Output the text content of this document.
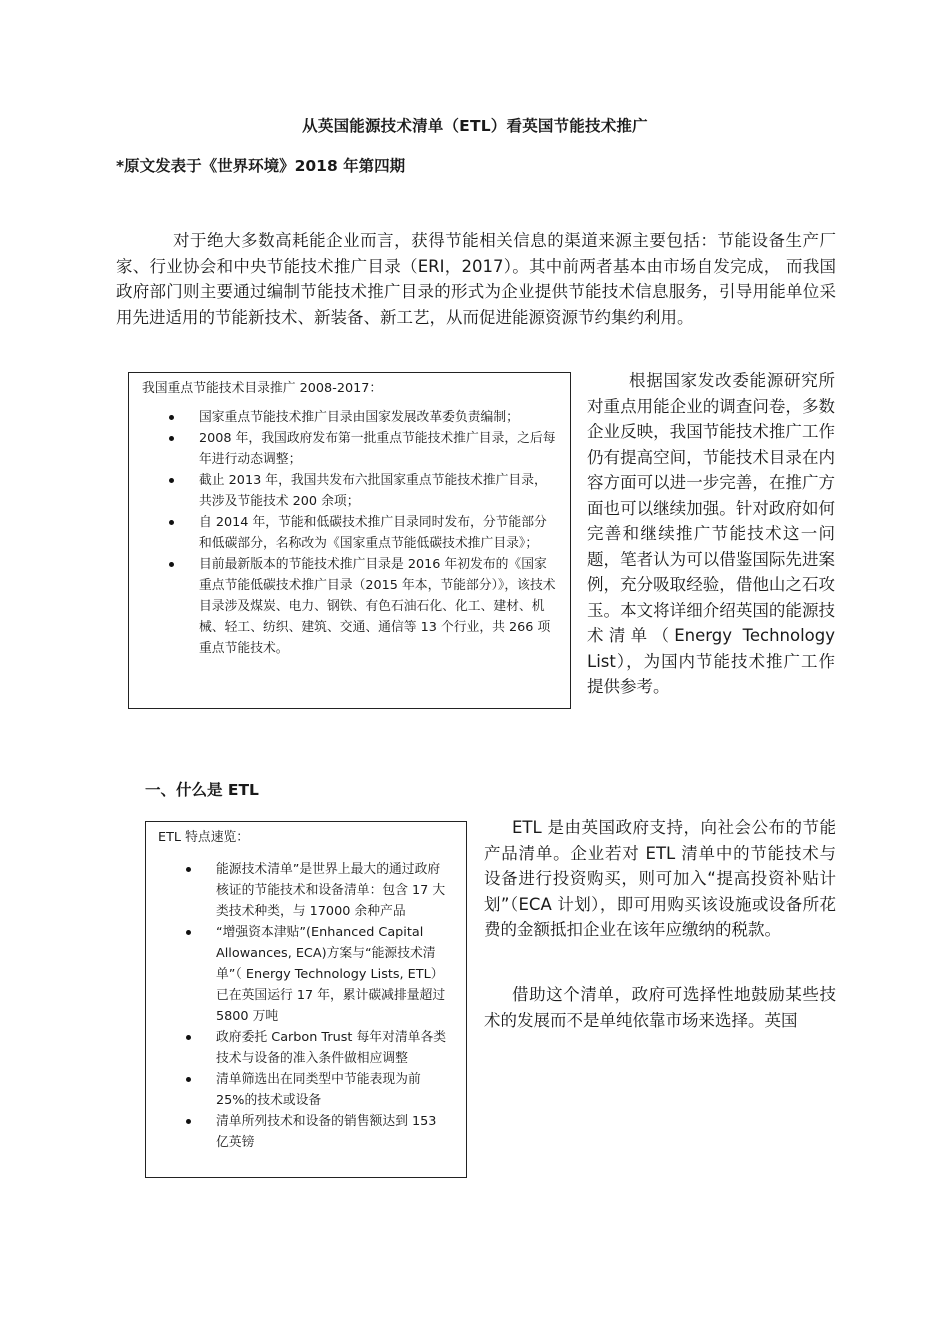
从英国能源技术清单（ETL）看英国节能技术推广
*原文发表于《世界环境》2018 年第四期

对于绝大多数高耗能企业而言，获得节能相关信息的渠道来源主要包括：节能设备生产厂家、行业协会和中央节能技术推广目录（ERI，2017）。其中前两者基本由市场自发完成， 而我国政府部门则主要通过编制节能技术推广目录的形式为企业提供节能技术信息服务，引导用能单位采用先进适用的节能新技术、新装备、新工艺，从而促进能源资源节约集约利用。

我国重点节能技术目录推广 2008-2017：
国家重点节能技术推广目录由国家发展改革委负责编制；
2008 年，我国政府发布第一批重点节能技术推广目录，之后每年进行动态调整；
截止 2013 年，我国共发布六批国家重点节能技术推广目录，共涉及节能技术 200 余项；
自 2014 年，节能和低碳技术推广目录同时发布，分节能部分和低碳部分，名称改为《国家重点节能低碳技术推广目录》；
目前最新版本的节能技术推广目录是 2016 年初发布的《国家重点节能低碳技术推广目录（2015 年本，节能部分）》，该技术目录涉及煤炭、电力、钢铁、有色石油石化、化工、建材、机械、轻工、纺织、建筑、交通、通信等 13 个行业，共 266 项重点节能技术。

根据国家发改委能源研究所对重点用能企业的调查问卷，多数企业反映，我国节能技术推广工作仍有提高空间，节能技术目录在内容方面可以进一步完善，在推广方面也可以继续加强。针对政府如何完善和继续推广节能技术这一问题，笔者认为可以借鉴国际先进案例，充分吸取经验，借他山之石攻玉。本文将详细介绍英国的能源技术清单（Energy Technology List），为国内节能技术推广工作提供参考。

一、什么是 ETL
ETL 特点速览：
能源技术清单”是世界上最大的通过政府核证的节能技术和设备清单：包含 17 大类技术种类，与 17000 余种产品
“增强资本津贴”(Enhanced Capital Allowances, ECA)方案与“能源技术清单”（ Energy Technology Lists, ETL）已在英国运行 17 年，累计碳减排量超过 5800 万吨
政府委托 Carbon Trust 每年对清单各类技术与设备的准入条件做相应调整
清单筛选出在同类型中节能表现为前 25%的技术或设备
清单所列技术和设备的销售额达到 153 亿英镑

ETL 是由英国政府支持，向社会公布的节能产品清单。企业若对 ETL 清单中的节能技术与设备进行投资购买，则可加入“提高投资补贴计划”（ECA 计划），即可用购买该设施或设备所花费的金额抵扣企业在该年应缴纳的税款。

借助这个清单，政府可选择性地鼓励某些技术的发展而不是单纯依靠市场来选择。英国
